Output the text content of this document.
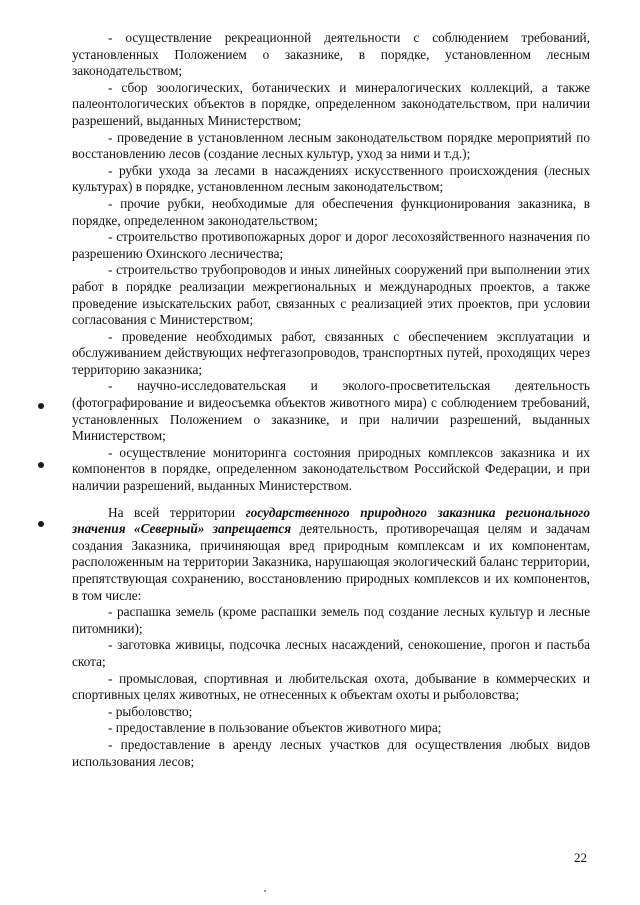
- осуществление рекреационной деятельности с соблюдением требований, установленных Положением о заказнике, в порядке, установленном лесным законодательством;

- сбор зоологических, ботанических и минералогических коллекций, а также палеонтологических объектов в порядке, определенном законодательством, при наличии разрешений, выданных Министерством;

- проведение в установленном лесным законодательством порядке мероприятий по восстановлению лесов (создание лесных культур, уход за ними и т.д.);

- рубки ухода за лесами в насаждениях искусственного происхождения (лесных культурах) в порядке, установленном лесным законодательством;

- прочие рубки, необходимые для обеспечения функционирования заказника, в порядке, определенном законодательством;

- строительство противопожарных дорог и дорог лесохозяйственного назначения по разрешению Охинского лесничества;

- строительство трубопроводов и иных линейных сооружений при выполнении этих работ в порядке реализации межрегиональных и международных проектов, а также проведение изыскательских работ, связанных с реализацией этих проектов, при условии согласования с Министерством;

- проведение необходимых работ, связанных с обеспечением эксплуатации и обслуживанием действующих нефтегазопроводов, транспортных путей, проходящих через территорию заказника;

- научно-исследовательская и эколого-просветительская деятельность (фотографирование и видеосъемка объектов животного мира) с соблюдением требований, установленных Положением о заказнике, и при наличии разрешений, выданных Министерством;

- осуществление мониторинга состояния природных комплексов заказника и их компонентов в порядке, определенном законодательством Российской Федерации, и при наличии разрешений, выданных Министерством.

На всей территории государственного природного заказника регионального значения «Северный» запрещается деятельность, противоречащая целям и задачам создания Заказника, причиняющая вред природным комплексам и их компонентам, расположенным на территории Заказника, нарушающая экологический баланс территории, препятствующая сохранению, восстановлению природных комплексов и их компонентов, в том числе:

- распашка земель (кроме распашки земель под создание лесных культур и лесные питомники);

- заготовка живицы, подсочка лесных насаждений, сенокошение, прогон и пастьба скота;

- промысловая, спортивная и любительская охота, добывание в коммерческих и спортивных целях животных, не отнесенных к объектам охоты и рыболовства;

- рыболовство;

- предоставление в пользование объектов животного мира;

- предоставление в аренду лесных участков для осуществления любых видов использования лесов;

22
